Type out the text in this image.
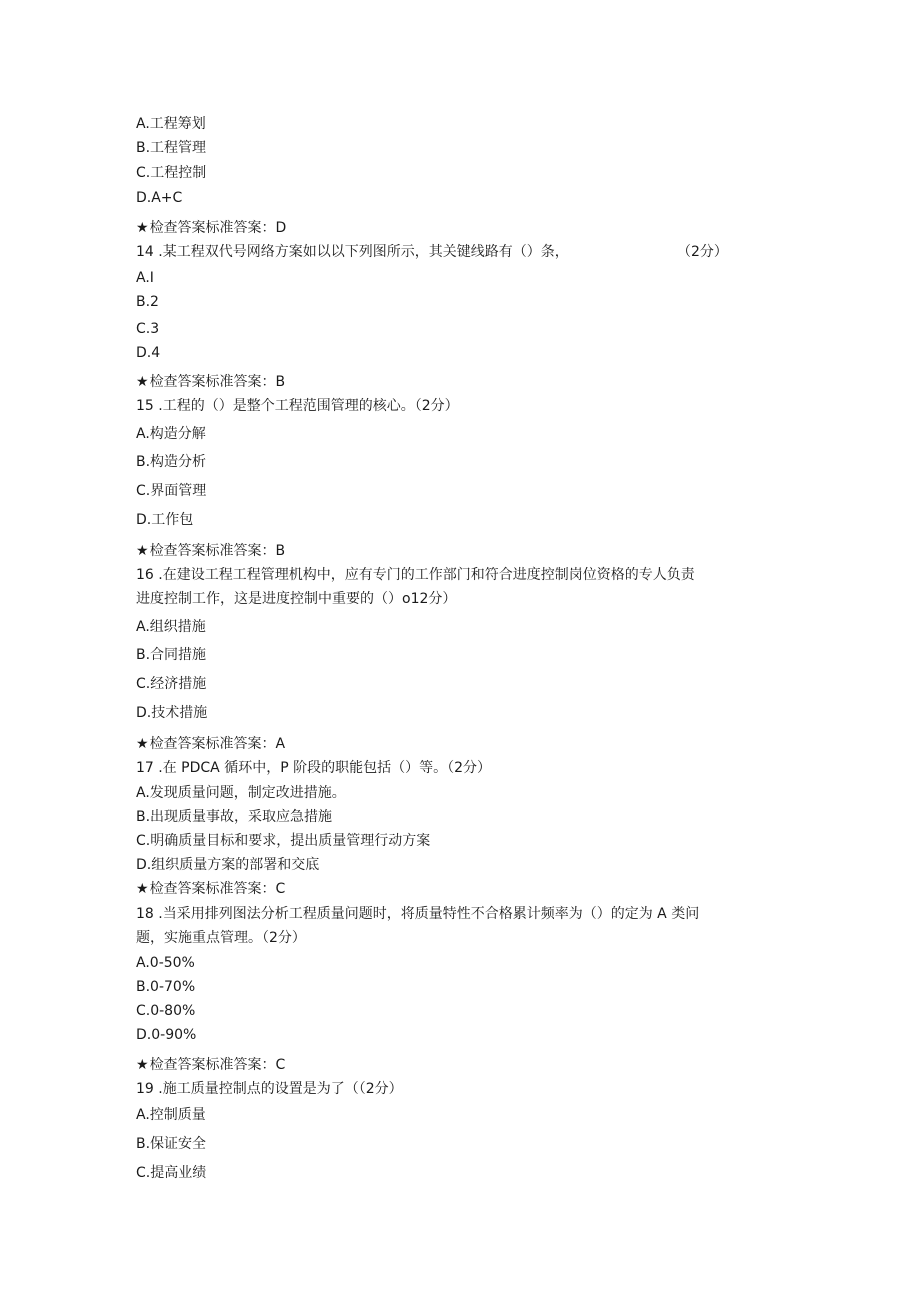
A.工程筹划
B.工程管理
C.工程控制
D.A+C
★检查答案标准答案：D
14 .某工程双代号网络方案如以以下列图所示，其关键线路有（）条，	（2分）
A.I
B.2
C.3
D.4
★检查答案标准答案：B
15 .工程的（）是整个工程范围管理的核心。（2分）
A.构造分解
B.构造分析
C.界面管理
D.工作包
★检查答案标准答案：B
16 .在建设工程工程管理机构中，应有专门的工作部门和符合进度控制岗位资格的专人负责
进度控制工作，这是进度控制中重要的（）o12分）
A.组织措施
B.合同措施
C.经济措施
D.技术措施
★检查答案标准答案：A
17 .在 PDCA 循环中，P 阶段的职能包括（）等。（2分）
A.发现质量问题，制定改进措施。
B.出现质量事故，采取应急措施
C.明确质量目标和要求，提出质量管理行动方案
D.组织质量方案的部署和交底
★检查答案标准答案：C
18 .当采用排列图法分析工程质量问题时，将质量特性不合格累计频率为（）的定为 A 类问
题，实施重点管理。（2分）
A.0-50%
B.0-70%
C.0-80%
D.0-90%
★检查答案标准答案：C
19 .施工质量控制点的设置是为了（（2分）
A.控制质量
B.保证安全
C.提高业绩
